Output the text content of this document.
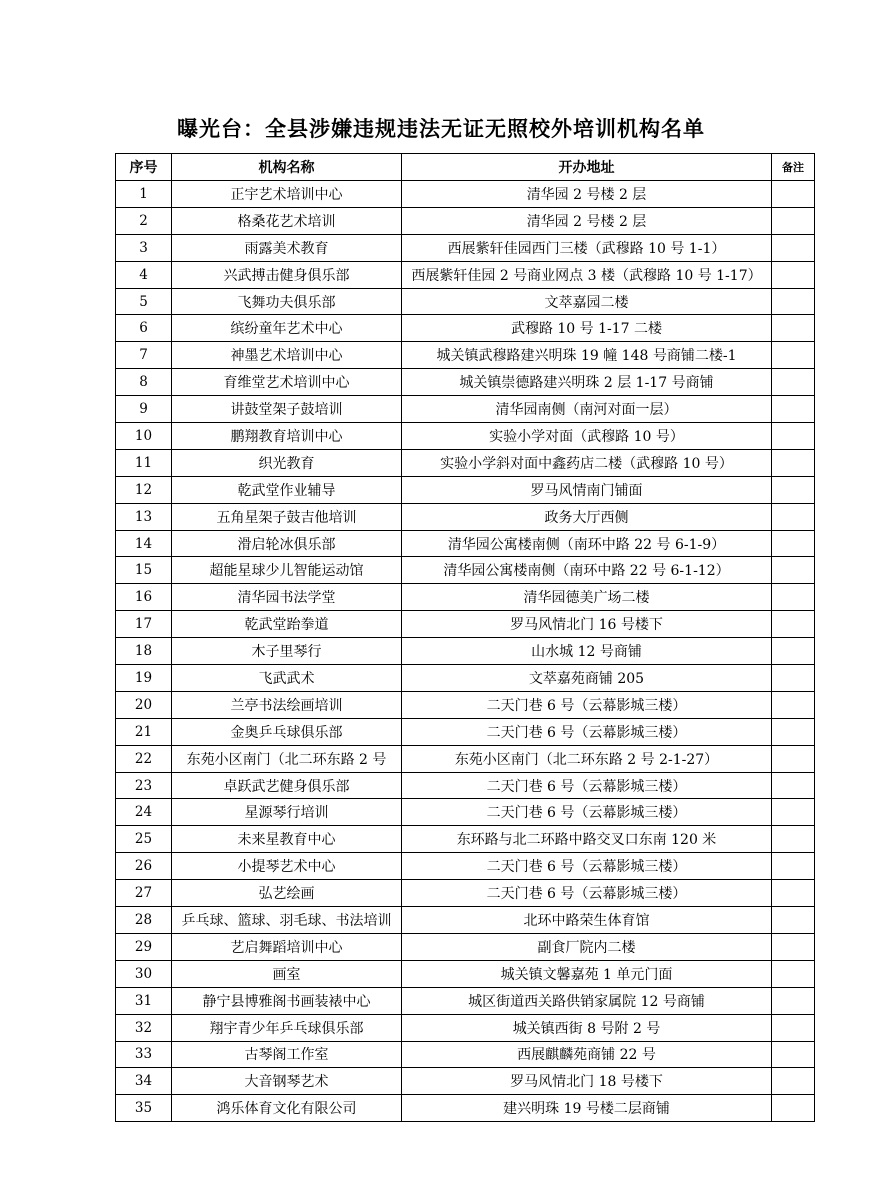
曝光台：全县涉嫌违规违法无证无照校外培训机构名单
序号	机构名称	开办地址	备注
1	正宇艺术培训中心	清华园 2 号楼 2 层	
2	格桑花艺术培训	清华园 2 号楼 2 层	
3	雨露美术教育	西展紫轩佳园西门三楼（武穆路 10 号 1-1）	
4	兴武搏击健身俱乐部	西展紫轩佳园 2 号商业网点 3 楼（武穆路 10 号 1-17）	
5	飞舞功夫俱乐部	文萃嘉园二楼	
6	缤纷童年艺术中心	武穆路 10 号 1-17 二楼	
7	神墨艺术培训中心	城关镇武穆路建兴明珠 19 幢 148 号商铺二楼-1	
8	育维堂艺术培训中心	城关镇崇德路建兴明珠 2 层 1-17 号商铺	
9	讲鼓堂架子鼓培训	清华园南侧（南河对面一层）	
10	鹏翔教育培训中心	实验小学对面（武穆路 10 号）	
11	织光教育	实验小学斜对面中鑫药店二楼（武穆路 10 号）	
12	乾武堂作业辅导	罗马风情南门铺面	
13	五角星架子鼓吉他培训	政务大厅西侧	
14	滑启轮冰俱乐部	清华园公寓楼南侧（南环中路 22 号 6-1-9）	
15	超能星球少儿智能运动馆	清华园公寓楼南侧（南环中路 22 号 6-1-12）	
16	清华园书法学堂	清华园德美广场二楼	
17	乾武堂跆拳道	罗马风情北门 16 号楼下	
18	木子里琴行	山水城 12 号商铺	
19	飞武武术	文萃嘉苑商铺 205	
20	兰亭书法绘画培训	二天门巷 6 号（云幕影城三楼）	
21	金奥乒乓球俱乐部	二天门巷 6 号（云幕影城三楼）	
22	东苑小区南门（北二环东路 2 号	东苑小区南门（北二环东路 2 号 2-1-27）	
23	卓跃武艺健身俱乐部	二天门巷 6 号（云幕影城三楼）	
24	星源琴行培训	二天门巷 6 号（云幕影城三楼）	
25	未来星教育中心	东环路与北二环路中路交叉口东南 120 米	
26	小提琴艺术中心	二天门巷 6 号（云幕影城三楼）	
27	弘艺绘画	二天门巷 6 号（云幕影城三楼）	
28	乒乓球、篮球、羽毛球、书法培训	北环中路荣生体育馆	
29	艺启舞蹈培训中心	副食厂院内二楼	
30	画室	城关镇文馨嘉苑 1 单元门面	
31	静宁县博雅阁书画装裱中心	城区街道西关路供销家属院 12 号商铺	
32	翔宇青少年乒乓球俱乐部	城关镇西街 8 号附 2 号	
33	古琴阁工作室	西展麒麟苑商铺 22 号	
34	大音钢琴艺术	罗马风情北门 18 号楼下	
35	鸿乐体育文化有限公司	建兴明珠 19 号楼二层商铺	
